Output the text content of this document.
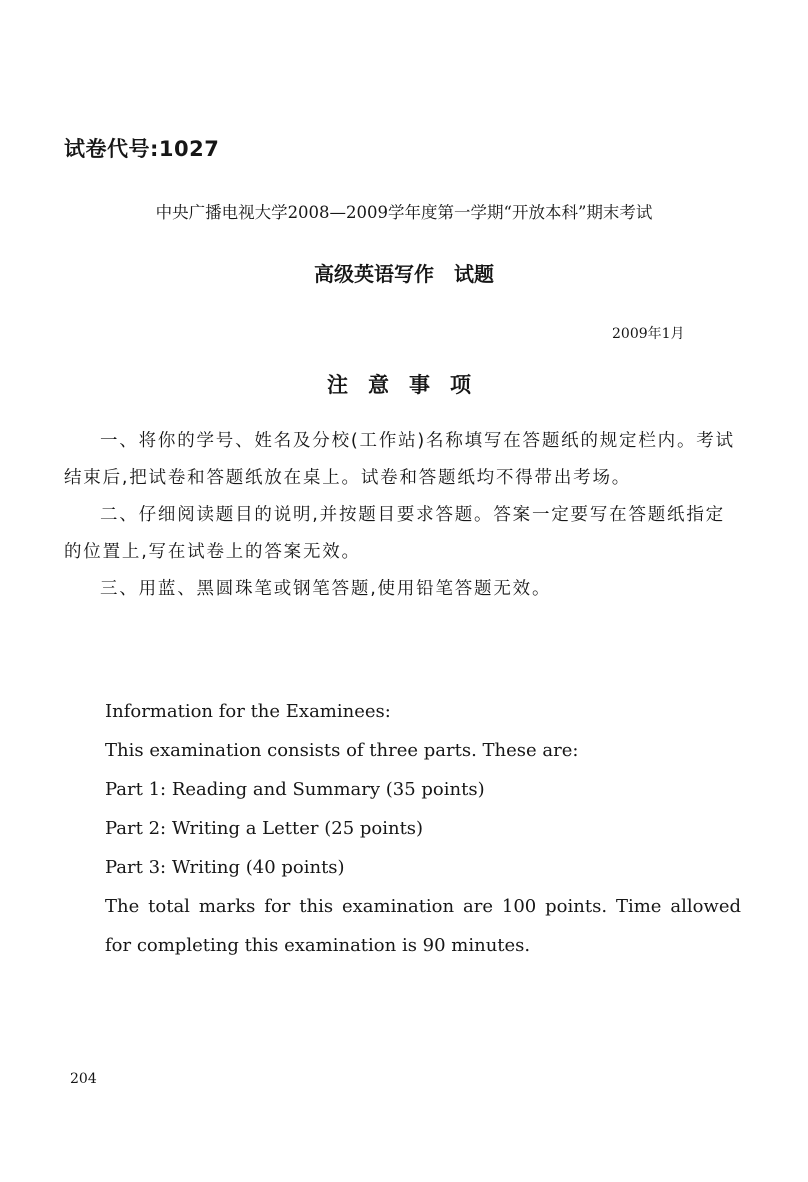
试卷代号:1027
中央广播电视大学2008—2009学年度第一学期“开放本科”期末考试
高级英语写作　试题
2009年1月
注意事项

一、将你的学号、姓名及分校(工作站)名称填写在答题纸的规定栏内。考试结束后,把试卷和答题纸放在桌上。试卷和答题纸均不得带出考场。

二、仔细阅读题目的说明,并按题目要求答题。答案一定要写在答题纸指定的位置上,写在试卷上的答案无效。

三、用蓝、黑圆珠笔或钢笔答题,使用铅笔答题无效。

Information for the Examinees:

This examination consists of three parts. These are:

Part 1: Reading and Summary (35 points)

Part 2: Writing a Letter (25 points)

Part 3: Writing (40 points)

The total marks for this examination are 100 points. Time allowed for completing this examination is 90 minutes.

204
